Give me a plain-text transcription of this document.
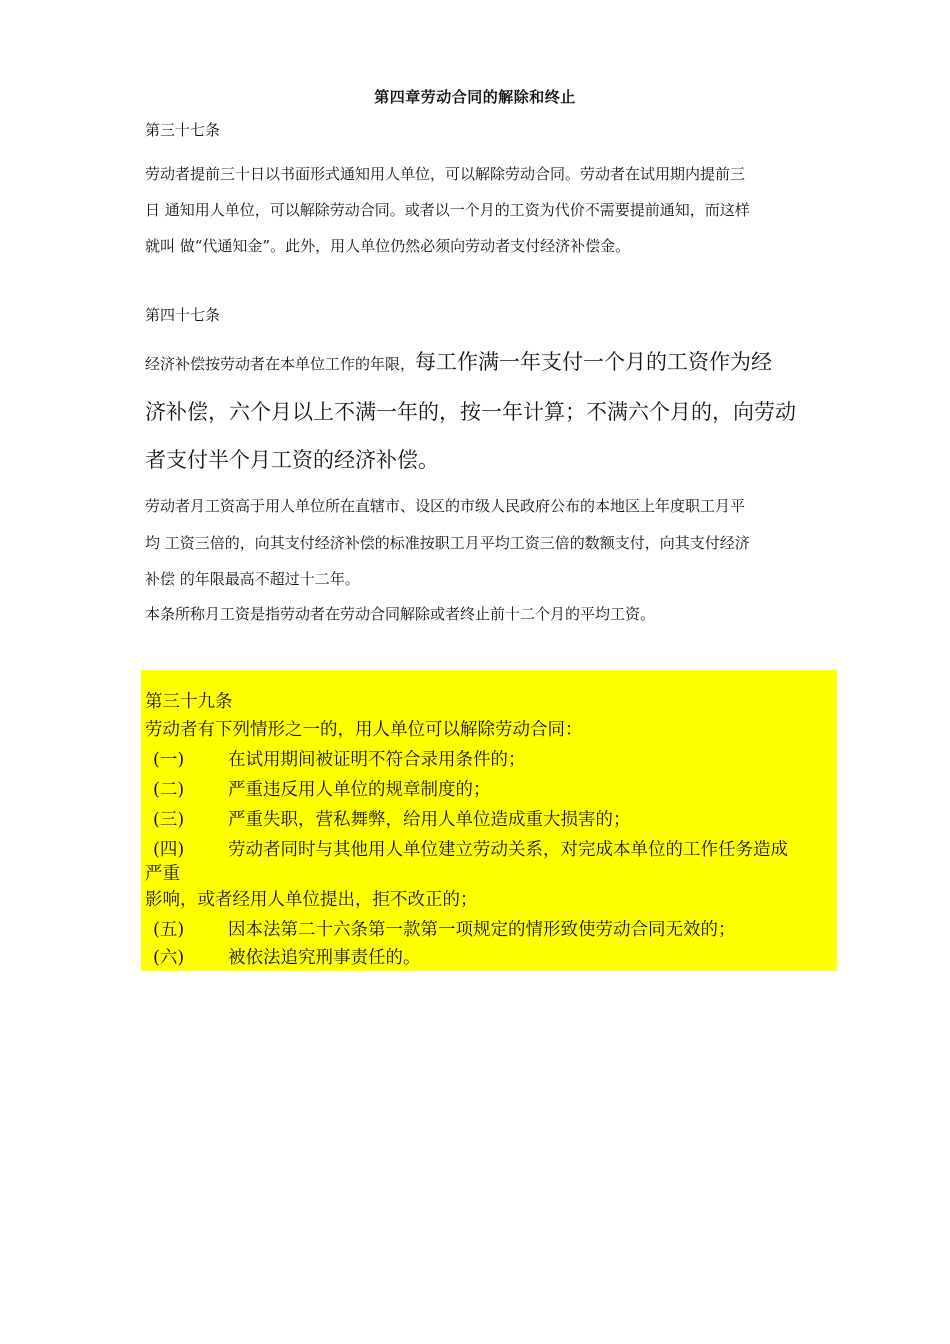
第四章劳动合同的解除和终止
第三十七条
劳动者提前三十日以书面形式通知用人单位，可以解除劳动合同。劳动者在试用期内提前三
日 通知用人单位，可以解除劳动合同。或者以一个月的工资为代价不需要提前通知，而这样
就叫 做“代通知金”。此外，用人单位仍然必须向劳动者支付经济补偿金。
第四十七条
经济补偿按劳动者在本单位工作的年限，每工作满一年支付一个月的工资作为经
济补偿，六个月以上不满一年的，按一年计算；不满六个月的，向劳动
者支付半个月工资的经济补偿。
劳动者月工资高于用人单位所在直辖市、设区的市级人民政府公布的本地区上年度职工月平
均 工资三倍的，向其支付经济补偿的标准按职工月平均工资三倍的数额支付，向其支付经济
补偿 的年限最高不超过十二年。
本条所称月工资是指劳动者在劳动合同解除或者终止前十二个月的平均工资。
第三十九条
劳动者有下列情形之一的，用人单位可以解除劳动合同：
(一)	在试用期间被证明不符合录用条件的；
(二)	严重违反用人单位的规章制度的；
(三)	严重失职，营私舞弊，给用人单位造成重大损害的；
(四)	劳动者同时与其他用人单位建立劳动关系，对完成本单位的工作任务造成
严重
影响，或者经用人单位提出，拒不改正的；
(五)	因本法第二十六条第一款第一项规定的情形致使劳动合同无效的；
(六)	被依法追究刑事责任的。
